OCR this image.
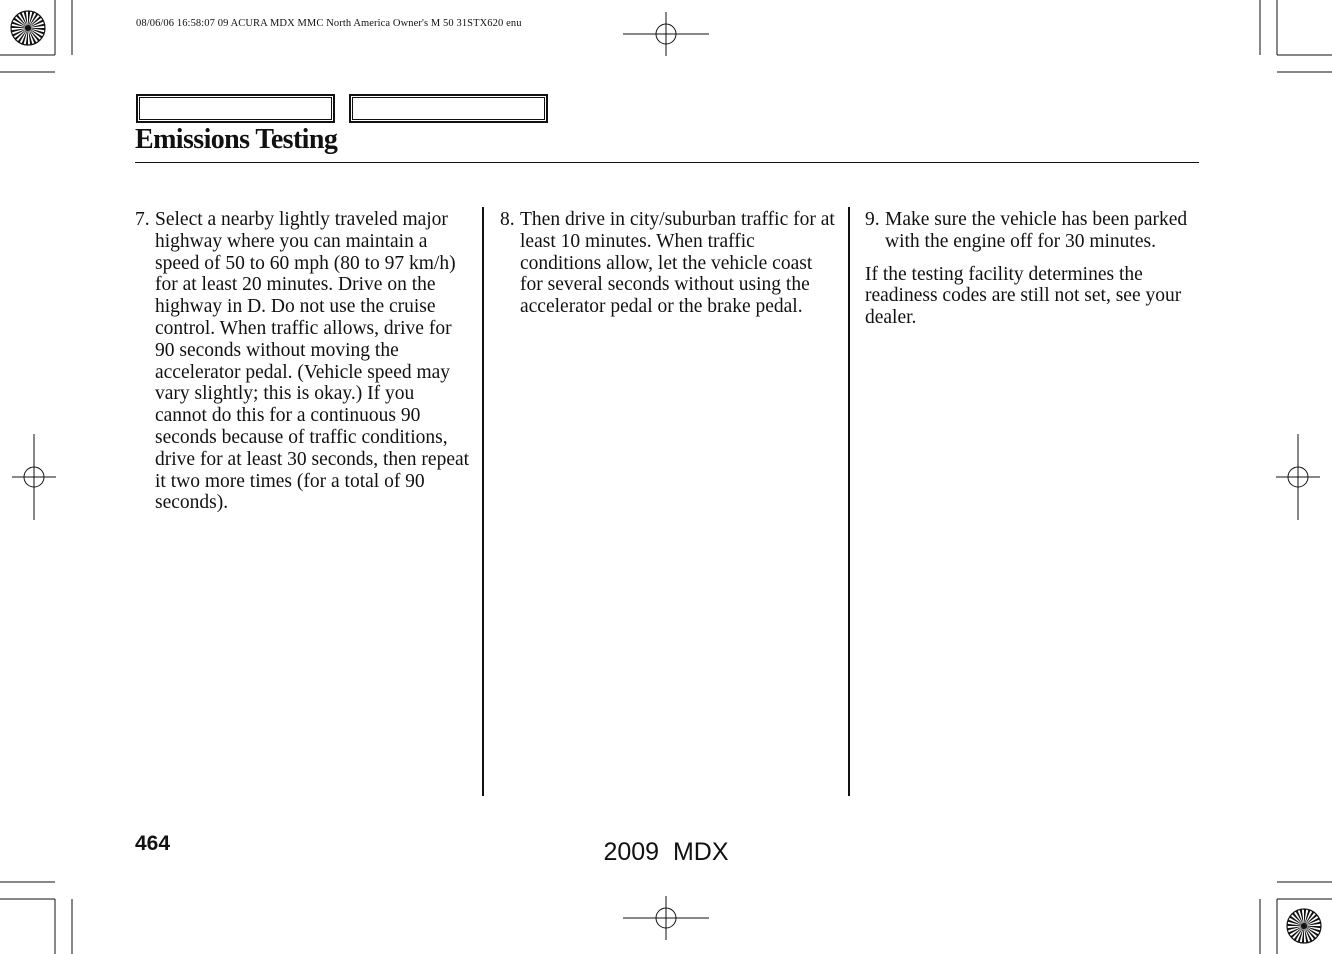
08/06/06 16:58:07 09 ACURA MDX MMC North America Owner's M 50 31STX620 enu
Emissions Testing
7. Select a nearby lightly traveled major highway where you can maintain a speed of 50 to 60 mph (80 to 97 km/h) for at least 20 minutes. Drive on the highway in D. Do not use the cruise control. When traffic allows, drive for 90 seconds without moving the accelerator pedal. (Vehicle speed may vary slightly; this is okay.) If you cannot do this for a continuous 90 seconds because of traffic conditions, drive for at least 30 seconds, then repeat it two more times (for a total of 90 seconds).
8. Then drive in city/suburban traffic for at least 10 minutes. When traffic conditions allow, let the vehicle coast for several seconds without using the accelerator pedal or the brake pedal.
9. Make sure the vehicle has been parked with the engine off for 30 minutes.
If the testing facility determines the readiness codes are still not set, see your dealer.
464	2009  MDX
